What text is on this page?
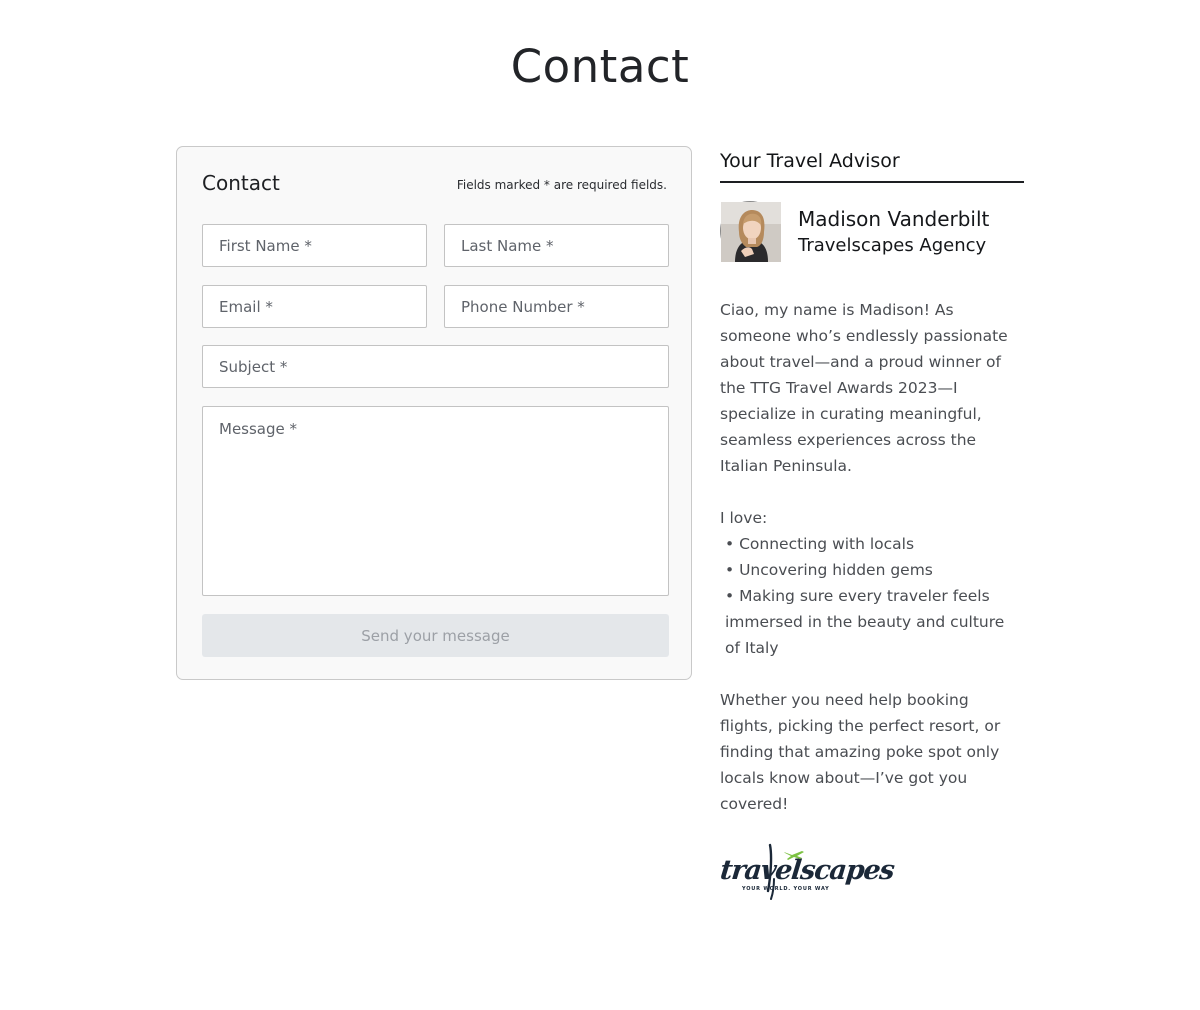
Contact
Contact	Fields marked * are required fields.
First Name *
Last Name *
Email *
Phone Number *
Subject *
Message *
Send your message
Your Travel Advisor
Madison Vanderbilt
Travelscapes Agency

Ciao, my name is Madison! As someone who’s endlessly passionate about travel—and a proud winner of the TTG Travel Awards 2023—I specialize in curating meaningful, seamless experiences across the Italian Peninsula.

I love:
• Connecting with locals
• Uncovering hidden gems
• Making sure every traveler feels immersed in the beauty and culture of Italy

Whether you need help booking flights, picking the perfect resort, or finding that amazing poke spot only locals know about—I’ve got you covered!

travelscapes
YOUR WORLD. YOUR WAY
